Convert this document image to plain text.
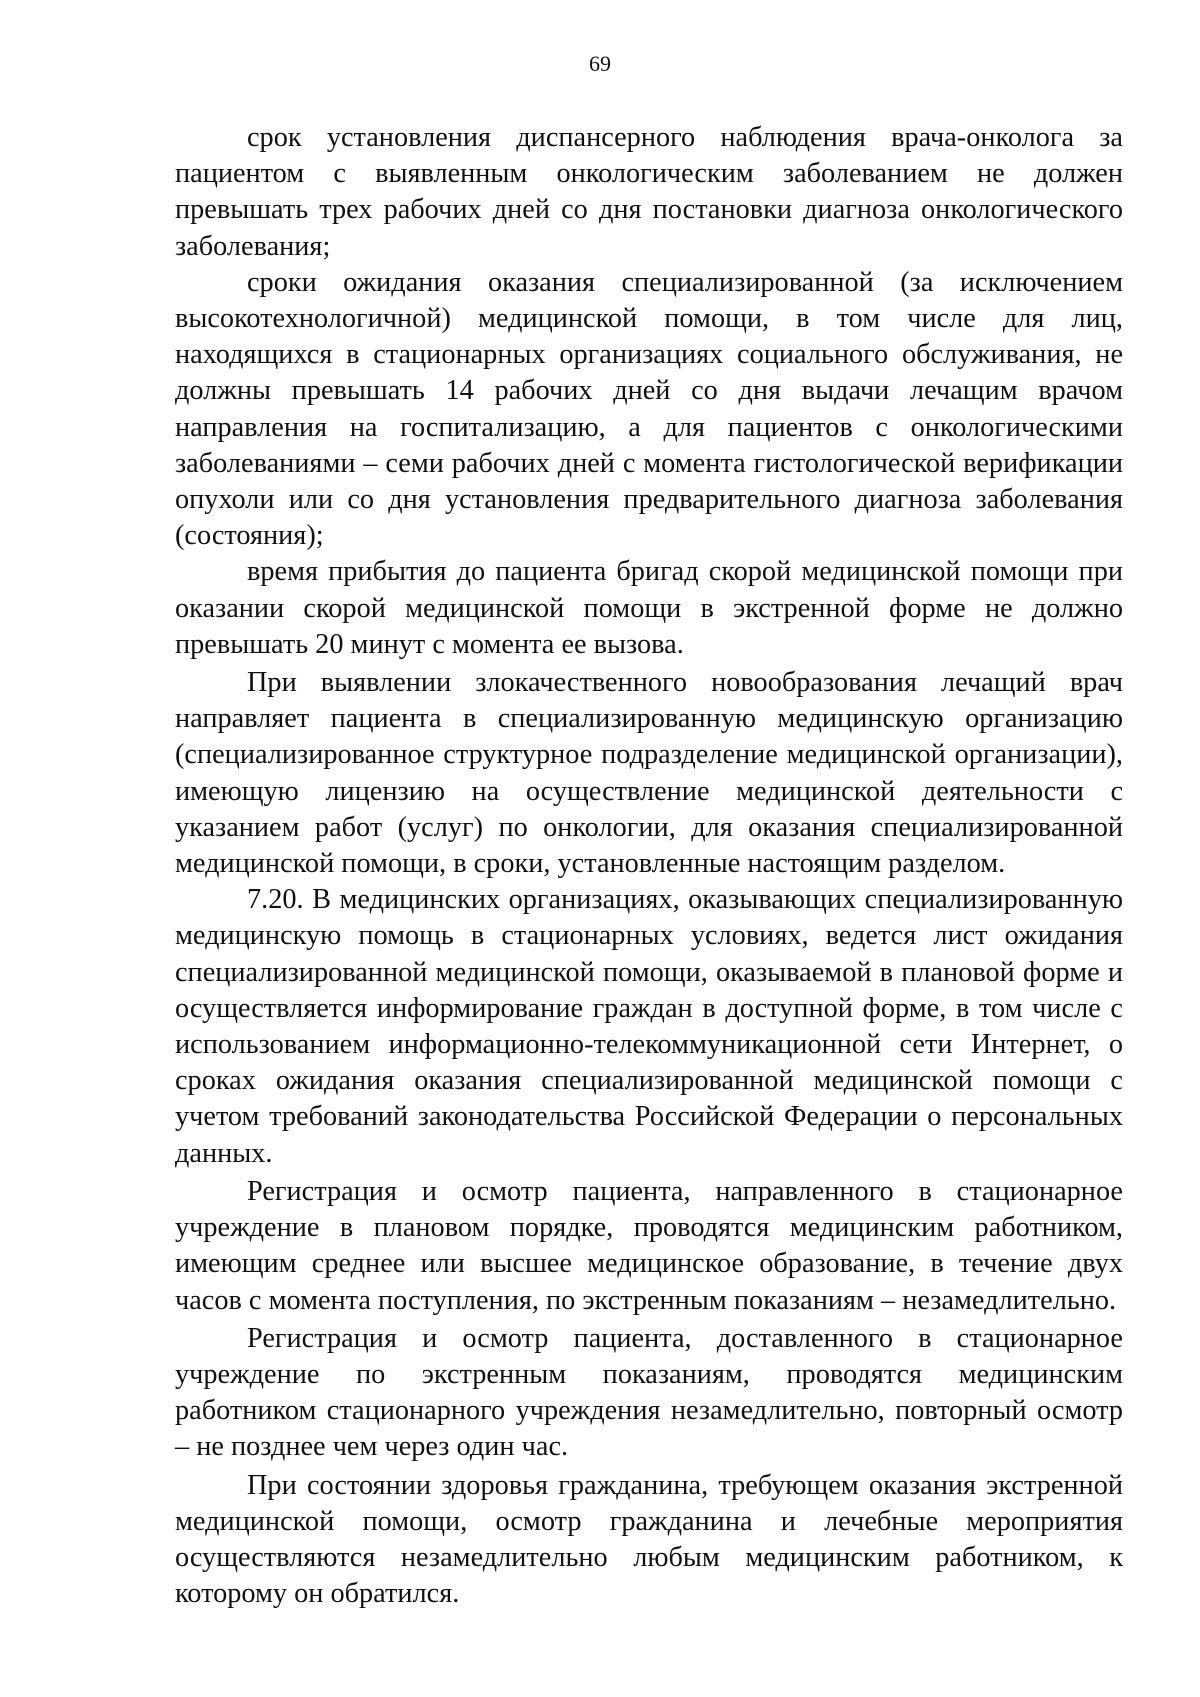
69

срок установления диспансерного наблюдения врача-онколога за пациентом с выявленным онкологическим заболеванием не должен превышать трех рабочих дней со дня постановки диагноза онкологического заболевания;

сроки ожидания оказания специализированной (за исключением высокотехнологичной) медицинской помощи, в том числе для лиц, находящихся в стационарных организациях социального обслуживания, не должны превышать 14 рабочих дней со дня выдачи лечащим врачом направления на госпитализацию, а для пациентов с онкологическими заболеваниями – семи рабочих дней с момента гистологической верификации опухоли или со дня установления предварительного диагноза заболевания (состояния);

время прибытия до пациента бригад скорой медицинской помощи при оказании скорой медицинской помощи в экстренной форме не должно превышать 20 минут с момента ее вызова.

При выявлении злокачественного новообразования лечащий врач направляет пациента в специализированную медицинскую организацию (специализированное структурное подразделение медицинской организации), имеющую лицензию на осуществление медицинской деятельности с указанием работ (услуг) по онкологии, для оказания специализированной медицинской помощи, в сроки, установленные настоящим разделом.

7.20. В медицинских организациях, оказывающих специализированную медицинскую помощь в стационарных условиях, ведется лист ожидания специализированной медицинской помощи, оказываемой в плановой форме и осуществляется информирование граждан в доступной форме, в том числе с использованием информационно-телекоммуникационной сети Интернет, о сроках ожидания оказания специализированной медицинской помощи с учетом требований законодательства Российской Федерации о персональных данных.

Регистрация и осмотр пациента, направленного в стационарное учреждение в плановом порядке, проводятся медицинским работником, имеющим среднее или высшее медицинское образование, в течение двух часов с момента поступления, по экстренным показаниям – незамедлительно.

Регистрация и осмотр пациента, доставленного в стационарное учреждение по экстренным показаниям, проводятся медицинским работником стационарного учреждения незамедлительно, повторный осмотр – не позднее чем через один час.

При состоянии здоровья гражданина, требующем оказания экстренной медицинской помощи, осмотр гражданина и лечебные мероприятия осуществляются незамедлительно любым медицинским работником, к которому он обратился.
